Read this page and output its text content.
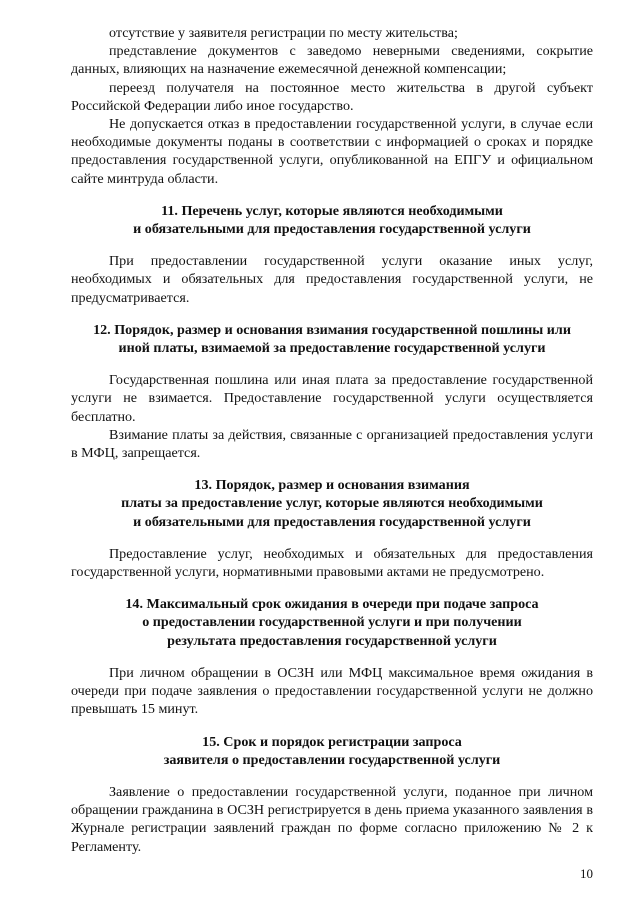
отсутствие у заявителя регистрации по месту жительства;

представление документов с заведомо неверными сведениями, сокрытие данных, влияющих на назначение ежемесячной денежной компенсации;

переезд получателя на постоянное место жительства в другой субъект Российской Федерации либо иное государство.

Не допускается отказ в предоставлении государственной услуги, в случае если необходимые документы поданы в соответствии с информацией о сроках и порядке предоставления государственной услуги, опубликованной на ЕПГУ и официальном сайте минтруда области.

11. Перечень услуг, которые являются необходимыми
и обязательными для предоставления государственной услуги

При предоставлении государственной услуги оказание иных услуг, необходимых и обязательных для предоставления государственной услуги, не предусматривается.

12. Порядок, размер и основания взимания государственной пошлины или
иной платы, взимаемой за предоставление государственной услуги

Государственная пошлина или иная плата за предоставление государственной услуги не взимается. Предоставление государственной услуги осуществляется бесплатно.

Взимание платы за действия, связанные с организацией предоставления услуги в МФЦ, запрещается.

13. Порядок, размер и основания взимания
платы за предоставление услуг, которые являются необходимыми
и обязательными для предоставления государственной услуги

Предоставление услуг, необходимых и обязательных для предоставления государственной услуги, нормативными правовыми актами не предусмотрено.

14. Максимальный срок ожидания в очереди при подаче запроса
о предоставлении государственной услуги и при получении
результата предоставления государственной услуги

При личном обращении в ОСЗН или МФЦ максимальное время ожидания в очереди при подаче заявления о предоставлении государственной услуги не должно превышать 15 минут.

15. Срок и порядок регистрации запроса
заявителя о предоставлении государственной услуги

Заявление о предоставлении государственной услуги, поданное при личном обращении гражданина в ОСЗН регистрируется в день приема указанного заявления в Журнале регистрации заявлений граждан по форме согласно приложению № 2 к Регламенту.

10
